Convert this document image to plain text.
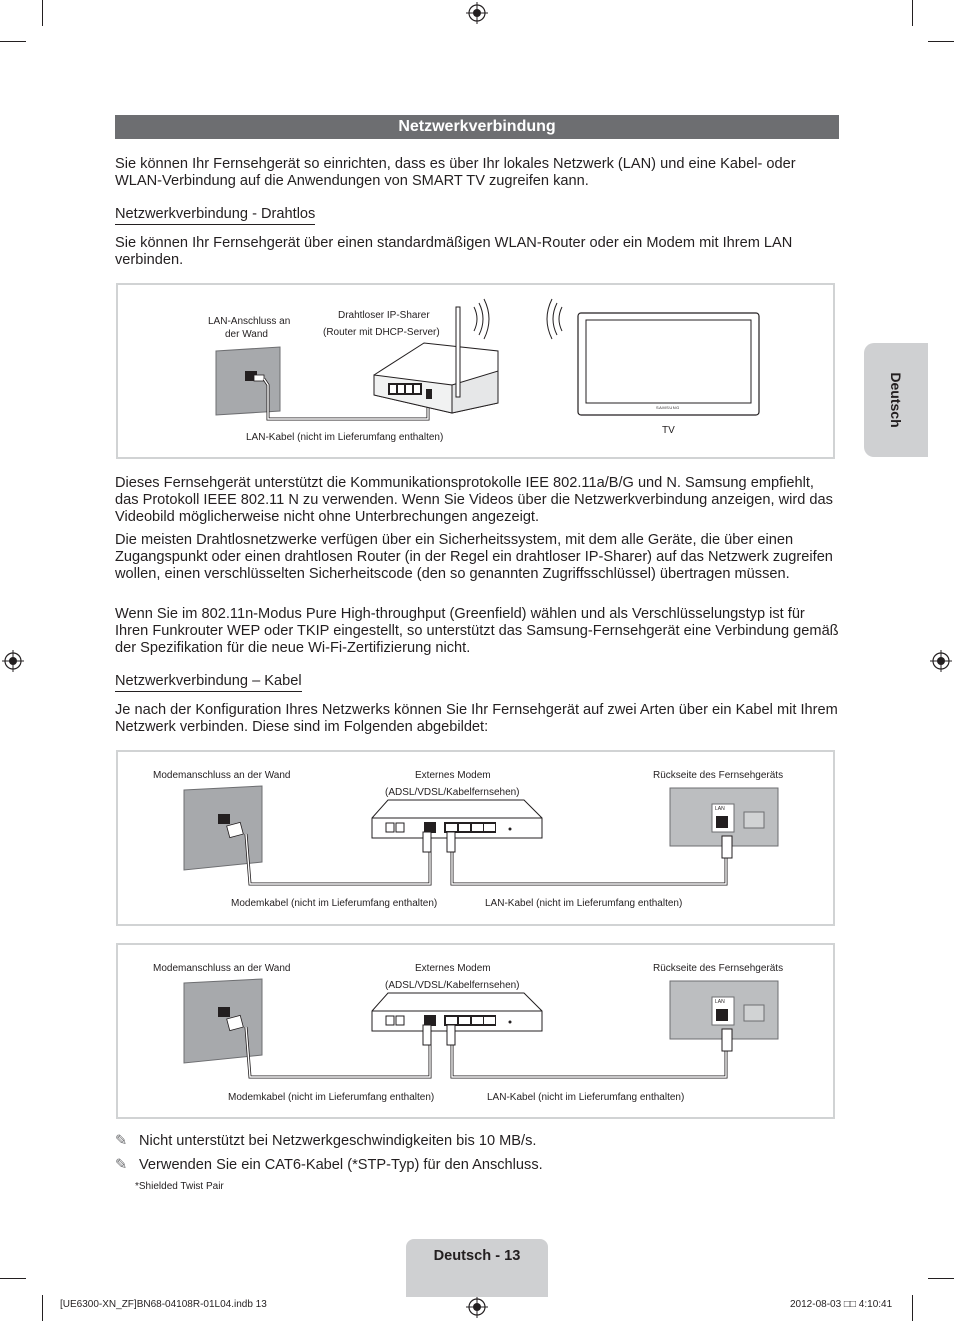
Netzwerkverbindung

Sie können Ihr Fernsehgerät so einrichten, dass es über Ihr lokales Netzwerk (LAN) und eine Kabel- oder WLAN-Verbindung auf die Anwendungen von SMART TV zugreifen kann.

Netzwerkverbindung - Drahtlos

Sie können Ihr Fernsehgerät über einen standardmäßigen WLAN-Router oder ein Modem mit Ihrem LAN verbinden.

LAN-Anschluss an
der Wand
Drahtloser IP-Sharer
(Router mit DHCP-Server)
LAN-Kabel (nicht im Lieferumfang enthalten)
TV
SAMSUNG

Dieses Fernsehgerät unterstützt die Kommunikationsprotokolle IEE 802.11a/B/G und N. Samsung empfiehlt, das Protokoll IEEE 802.11 N zu verwenden. Wenn Sie Videos über die Netzwerkverbindung anzeigen, wird das Videobild möglicherweise nicht ohne Unterbrechungen angezeigt.

Die meisten Drahtlosnetzwerke verfügen über ein Sicherheitssystem, mit dem alle Geräte, die über einen Zugangspunkt oder einen drahtlosen Router (in der Regel ein drahtloser IP-Sharer) auf das Netzwerk zugreifen wollen, einen verschlüsselten Sicherheitscode (den so genannten Zugriffsschlüssel) übertragen müssen.

Wenn Sie im 802.11n-Modus Pure High-throughput (Greenfield) wählen und als Verschlüsselungstyp ist für Ihren Funkrouter WEP oder TKIP eingestellt, so unterstützt das Samsung-Fernsehgerät eine Verbindung gemäß der Spezifikation für die neue Wi-Fi-Zertifizierung nicht.

Netzwerkverbindung – Kabel

Je nach der Konfiguration Ihres Netzwerks können Sie Ihr Fernsehgerät auf zwei Arten über ein Kabel mit Ihrem Netzwerk verbinden. Diese sind im Folgenden abgebildet:

Modemanschluss an der Wand	Externes Modem
(ADSL/VDSL/Kabelfernsehen)
Rückseite des Fernsehgeräts
LAN
Modemkabel (nicht im Lieferumfang enthalten)	LAN-Kabel (nicht im Lieferumfang enthalten)
Modemanschluss an der Wand	Externes Modem
(ADSL/VDSL/Kabelfernsehen)
Rückseite des Fernsehgeräts
LAN
Modemkabel (nicht im Lieferumfang enthalten)	LAN-Kabel (nicht im Lieferumfang enthalten)
✎ Nicht unterstützt bei Netzwerkgeschwindigkeiten bis 10 MB/s.
✎ Verwenden Sie ein CAT6-Kabel (*STP-Typ) für den Anschluss.
*Shielded Twist Pair
Deutsch
Deutsch - 13
[UE6300-XN_ZF]BN68-04108R-01L04.indb 13	2012-08-03 □□ 4:10:41
